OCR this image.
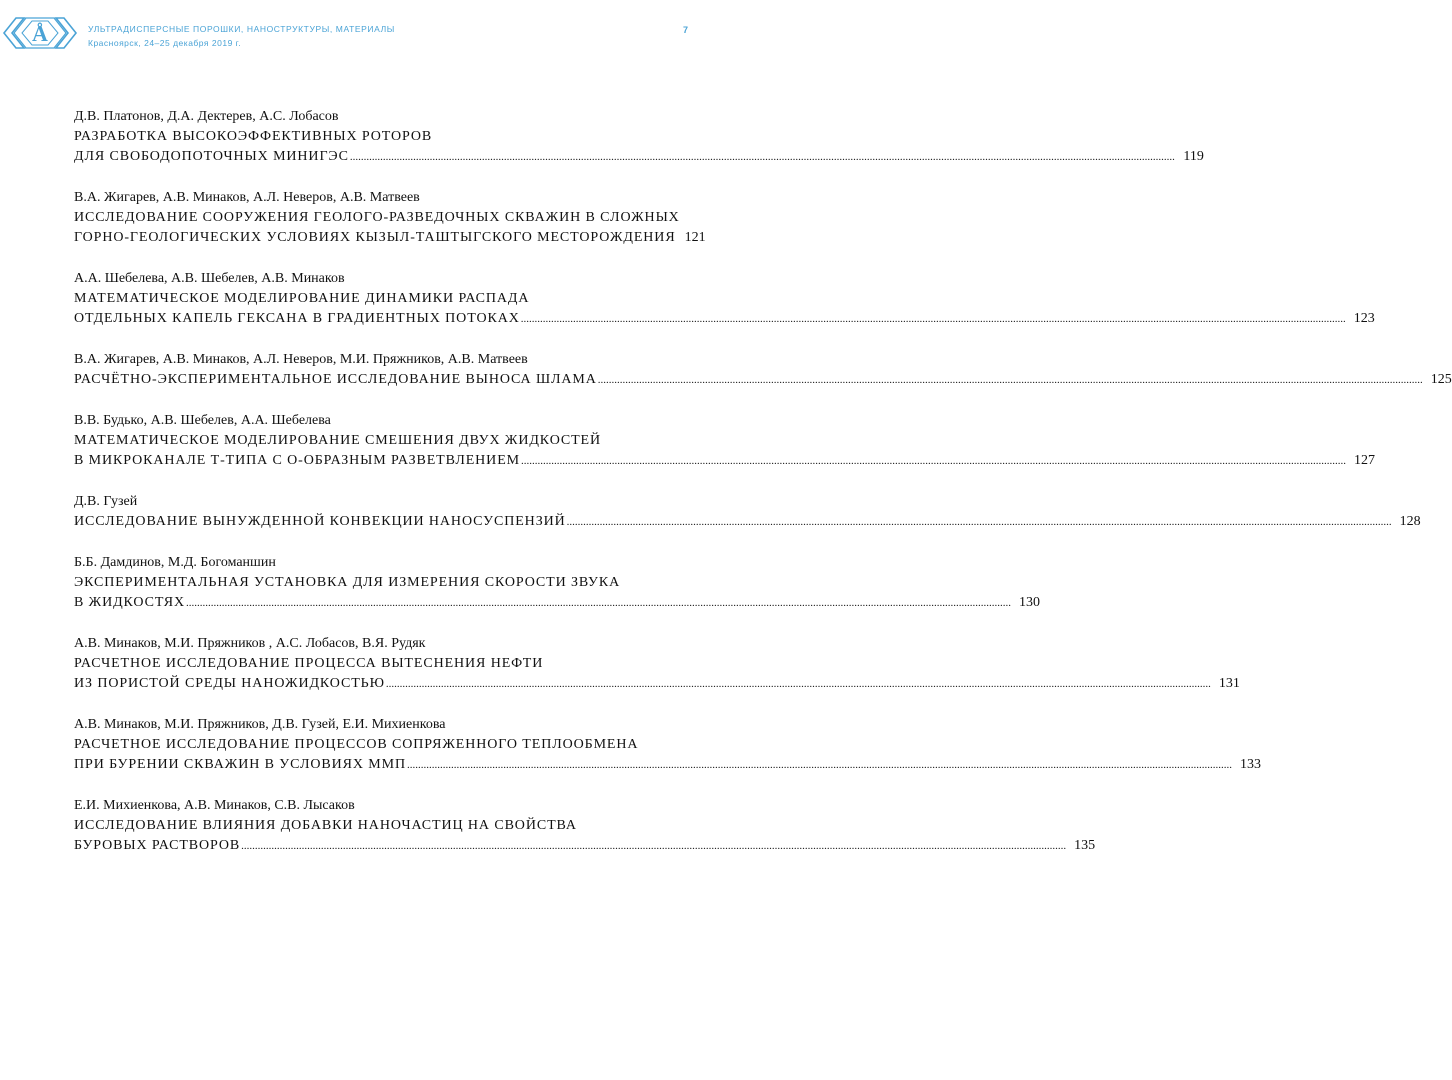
Å	УЛЬТРАДИСПЕРСНЫЕ ПОРОШКИ, НАНОСТРУКТУРЫ, МАТЕРИАЛЫ
Красноярск, 24–25 декабря 2019 г.
7
Д.В. Платонов, Д.А. Дектерев, А.С. Лобасов
РАЗРАБОТКА ВЫСОКОЭФФЕКТИВНЫХ РОТОРОВ
ДЛЯ СВОБОДОПОТОЧНЫХ МИНИГЭС ............................................................................................................................................................................................................................................................................................................ 119
В.А. Жигарев, А.В. Минаков, А.Л. Неверов, А.В. Матвеев
ИССЛЕДОВАНИЕ СООРУЖЕНИЯ ГЕОЛОГО-РАЗВЕДОЧНЫХ СКВАЖИН В СЛОЖНЫХ
ГОРНО-ГЕОЛОГИЧЕСКИХ УСЛОВИЯХ КЫЗЫЛ-ТАШТЫГСКОГО МЕСТОРОЖДЕНИЯ 121
А.А. Шебелева, А.В. Шебелев, А.В. Минаков
МАТЕМАТИЧЕСКОЕ МОДЕЛИРОВАНИЕ ДИНАМИКИ РАСПАДА
ОТДЕЛЬНЫХ КАПЕЛЬ ГЕКСАНА В ГРАДИЕНТНЫХ ПОТОКАХ ............................................................................................................................................................................................................................................................................................................ 123
В.А. Жигарев, А.В. Минаков, А.Л. Неверов, М.И. Пряжников, А.В. Матвеев
РАСЧЁТНО-ЭКСПЕРИМЕНТАЛЬНОЕ ИССЛЕДОВАНИЕ ВЫНОСА ШЛАМА ............................................................................................................................................................................................................................................................................................................ 125
В.В. Будько, А.В. Шебелев, А.А. Шебелева
МАТЕМАТИЧЕСКОЕ МОДЕЛИРОВАНИЕ СМЕШЕНИЯ ДВУХ ЖИДКОСТЕЙ
В МИКРОКАНАЛЕ Т-ТИПА С О-ОБРАЗНЫМ РАЗВЕТВЛЕНИЕМ ............................................................................................................................................................................................................................................................................................................ 127
Д.В. Гузей
ИССЛЕДОВАНИЕ ВЫНУЖДЕННОЙ КОНВЕКЦИИ НАНОСУСПЕНЗИЙ ............................................................................................................................................................................................................................................................................................................ 128
Б.Б. Дамдинов, М.Д. Богоманшин
ЭКСПЕРИМЕНТАЛЬНАЯ УСТАНОВКА ДЛЯ ИЗМЕРЕНИЯ СКОРОСТИ ЗВУКА
В ЖИДКОСТЯХ ............................................................................................................................................................................................................................................................................................................ 130
А.В. Минаков, М.И. Пряжников , А.С. Лобасов, В.Я. Рудяк
РАСЧЕТНОЕ ИССЛЕДОВАНИЕ ПРОЦЕССА ВЫТЕСНЕНИЯ НЕФТИ
ИЗ ПОРИСТОЙ СРЕДЫ НАНОЖИДКОСТЬЮ ............................................................................................................................................................................................................................................................................................................ 131
А.В. Минаков, М.И. Пряжников, Д.В. Гузей, Е.И. Михиенкова
РАСЧЕТНОЕ ИССЛЕДОВАНИЕ ПРОЦЕССОВ СОПРЯЖЕННОГО ТЕПЛООБМЕНА
ПРИ БУРЕНИИ СКВАЖИН В УСЛОВИЯХ ММП ............................................................................................................................................................................................................................................................................................................ 133
Е.И. Михиенкова, А.В. Минаков, С.В. Лысаков
ИССЛЕДОВАНИЕ ВЛИЯНИЯ ДОБАВКИ НАНОЧАСТИЦ НА СВОЙСТВА
БУРОВЫХ РАСТВОРОВ ............................................................................................................................................................................................................................................................................................................ 135
